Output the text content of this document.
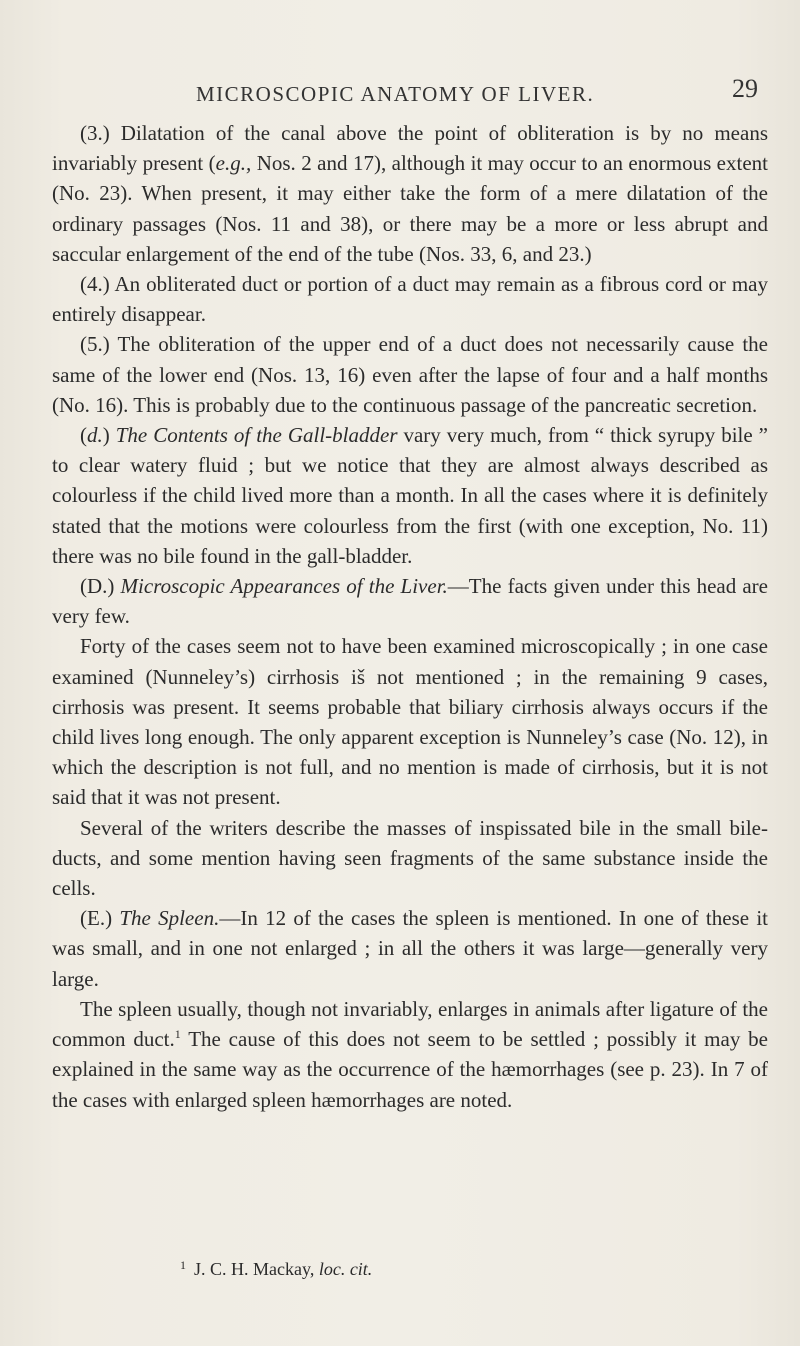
MICROSCOPIC ANATOMY OF LIVER.	29

(3.) Dilatation of the canal above the point of obliteration is by no means invariably present (e.g., Nos. 2 and 17), although it may occur to an enormous extent (No. 23). When present, it may either take the form of a mere dilatation of the ordinary passages (Nos. 11 and 38), or there may be a more or less abrupt and saccular enlargement of the end of the tube (Nos. 33, 6, and 23.)

(4.) An obliterated duct or portion of a duct may remain as a fibrous cord or may entirely disappear.

(5.) The obliteration of the upper end of a duct does not necessarily cause the same of the lower end (Nos. 13, 16) even after the lapse of four and a half months (No. 16). This is probably due to the continuous passage of the pancreatic secretion.

(d.) The Contents of the Gall-bladder vary very much, from “ thick syrupy bile ” to clear watery fluid ; but we notice that they are almost always described as colourless if the child lived more than a month. In all the cases where it is definitely stated that the motions were colourless from the first (with one exception, No. 11) there was no bile found in the gall-bladder.

(D.) Microscopic Appearances of the Liver.—The facts given under this head are very few.

Forty of the cases seem not to have been examined microscopically ; in one case examined (Nunneley’s) cirrhosis iš not mentioned ; in the remaining 9 cases, cirrhosis was present. It seems probable that biliary cirrhosis always occurs if the child lives long enough. The only apparent exception is Nunneley’s case (No. 12), in which the description is not full, and no mention is made of cirrhosis, but it is not said that it was not present.

Several of the writers describe the masses of inspissated bile in the small bile-ducts, and some mention having seen fragments of the same substance inside the cells.

(E.) The Spleen.—In 12 of the cases the spleen is mentioned. In one of these it was small, and in one not enlarged ; in all the others it was large—generally very large.

The spleen usually, though not invariably, enlarges in animals after ligature of the common duct.$^1$ The cause of this does not seem to be settled ; possibly it may be explained in the same way as the occurrence of the hæmorrhages (see p. 23). In 7 of the cases with enlarged spleen hæmorrhages are noted.

$^1$ J. C. H. Mackay, loc. cit.
